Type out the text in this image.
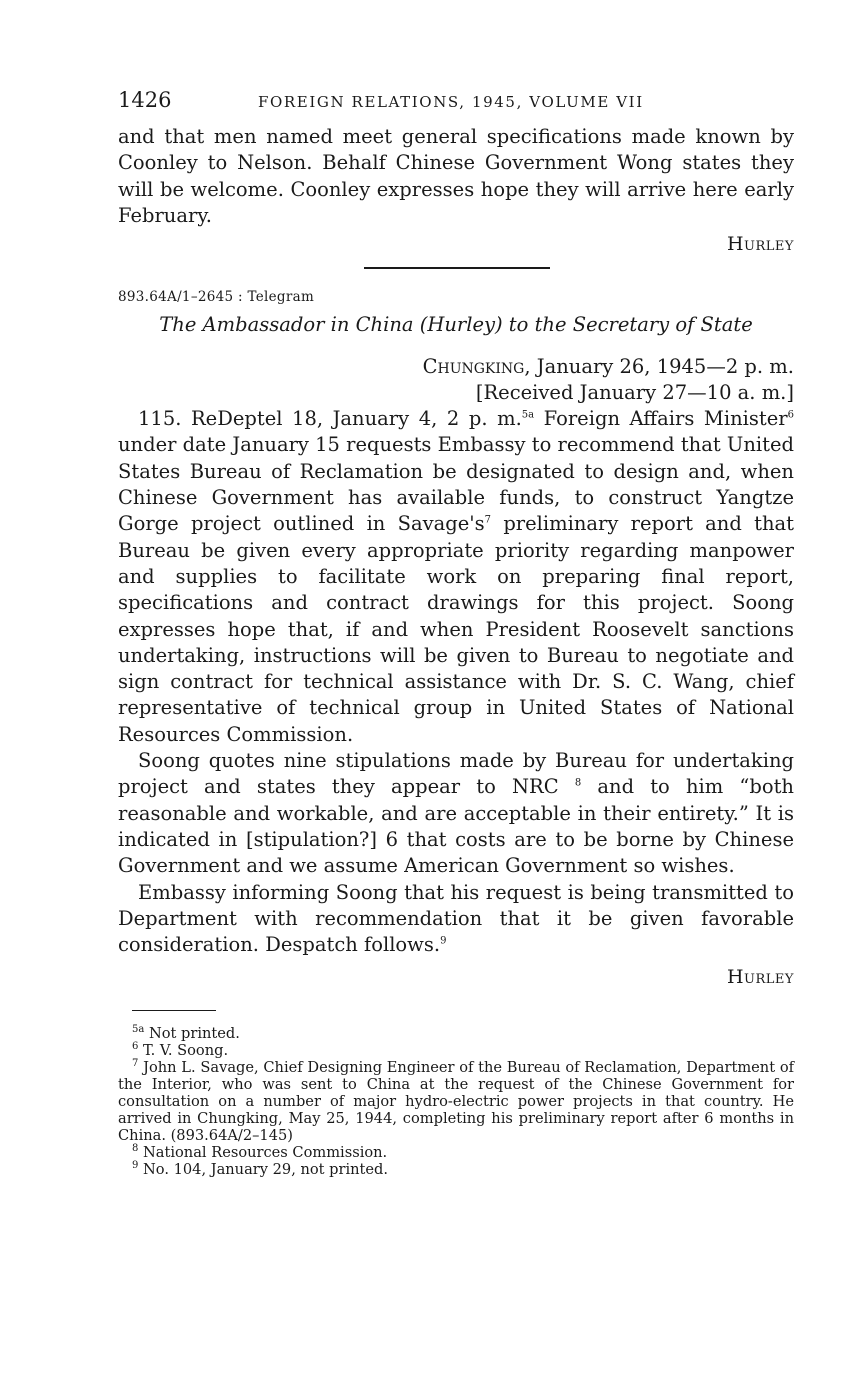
1426	FOREIGN RELATIONS, 1945, VOLUME VII

and that men named meet general specifications made known by Coonley to Nelson. Behalf Chinese Government Wong states they will be welcome. Coonley expresses hope they will arrive here early February.

Hurley

893.64A/1–2645 : Telegram

The Ambassador in China (Hurley) to the Secretary of State

Chungking, January 26, 1945—2 p. m.
[Received January 27—10 a. m.]

115. ReDeptel 18, January 4, 2 p. m.$^{5a}$ Foreign Affairs Minister$^6$ under date January 15 requests Embassy to recommend that United States Bureau of Reclamation be designated to design and, when Chinese Government has available funds, to construct Yangtze Gorge project outlined in $Savage's^7$ preliminary report and that Bureau be given every appropriate priority regarding manpower and supplies to facilitate work on preparing final report, specifications and contract drawings for this project. Soong expresses hope that, if and when President Roosevelt sanctions undertaking, instructions will be given to Bureau to negotiate and sign contract for technical assistance with Dr. S. C. Wang, chief representative of technical group in United States of National Resources Commission.

Soong quotes nine stipulations made by Bureau for undertaking project and states they appear to NRC $^8$ and to him “both reasonable and workable, and are acceptable in their entirety.” It is indicated in [stipulation?] 6 that costs are to be borne by Chinese Government and we assume American Government so wishes.

Embassy informing Soong that his request is being transmitted to Department with recommendation that it be given favorable consideration. Despatch follows.$^9$

Hurley

$^{5a}$ Not printed.

$^6$ T. V. Soong.

$^7$ John L. Savage, Chief Designing Engineer of the Bureau of Reclamation, Department of the Interior, who was sent to China at the request of the Chinese Government for consultation on a number of major hydro-electric power projects in that country. He arrived in Chungking, May 25, 1944, completing his preliminary report after 6 months in China. (893.64A/2–145)

$^8$ National Resources Commission.

$^9$ No. 104, January 29, not printed.
